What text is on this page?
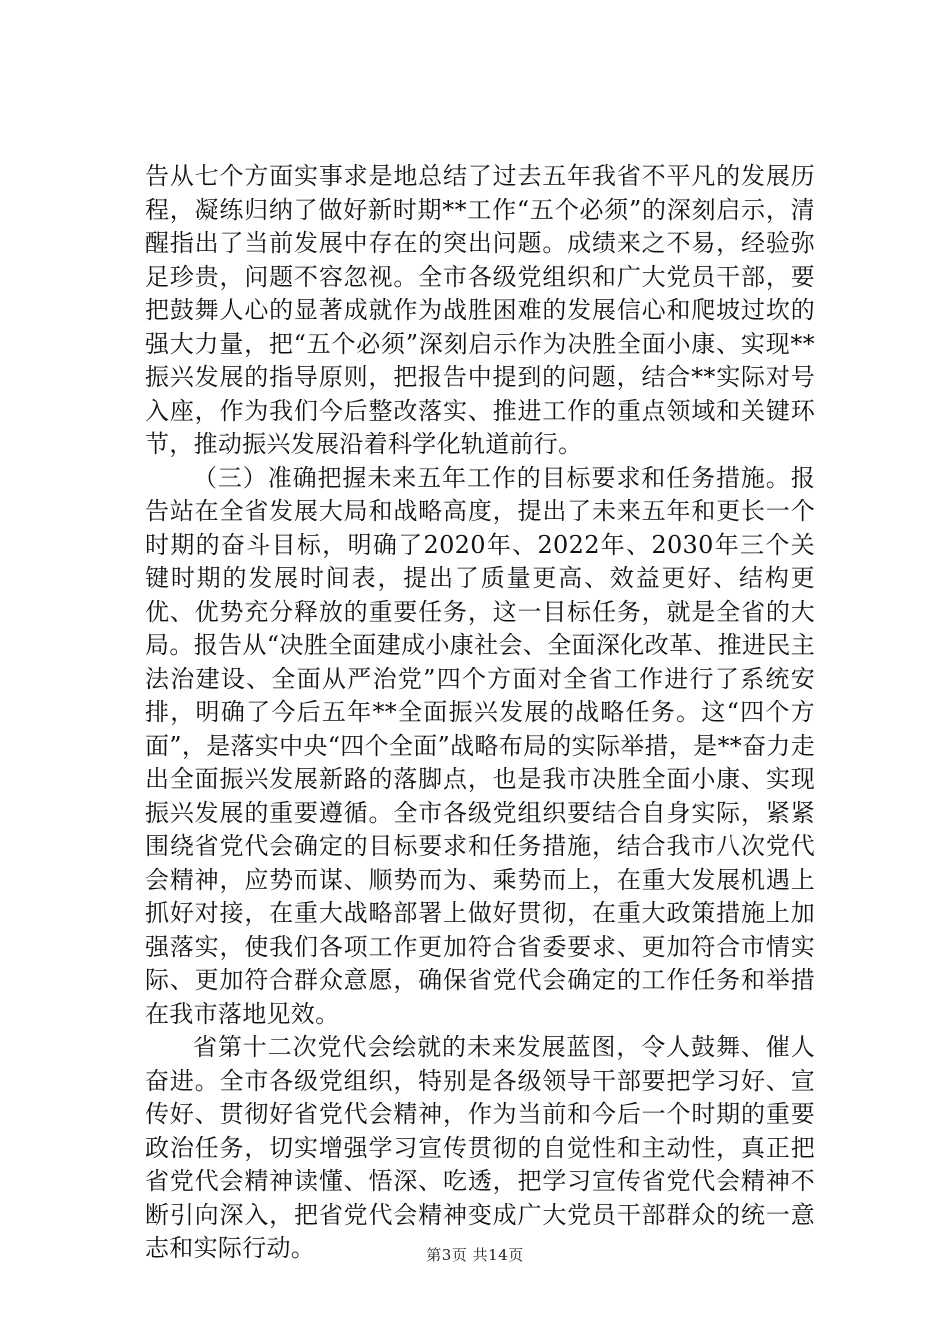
告从七个方面实事求是地总结了过去五年我省不平凡的发展历程，凝练归纳了做好新时期**工作“五个必须”的深刻启示，清醒指出了当前发展中存在的突出问题。成绩来之不易，经验弥足珍贵，问题不容忽视。全市各级党组织和广大党员干部，要把鼓舞人心的显著成就作为战胜困难的发展信心和爬坡过坎的强大力量，把“五个必须”深刻启示作为决胜全面小康、实现**振兴发展的指导原则，把报告中提到的问题，结合**实际对号入座，作为我们今后整改落实、推进工作的重点领域和关键环节，推动振兴发展沿着科学化轨道前行。

（三）准确把握未来五年工作的目标要求和任务措施。报告站在全省发展大局和战略高度，提出了未来五年和更长一个时期的奋斗目标，明确了2020年、2022年、2030年三个关键时期的发展时间表，提出了质量更高、效益更好、结构更优、优势充分释放的重要任务，这一目标任务，就是全省的大局。报告从“决胜全面建成小康社会、全面深化改革、推进民主法治建设、全面从严治党”四个方面对全省工作进行了系统安排，明确了今后五年**全面振兴发展的战略任务。这“四个方面”，是落实中央“四个全面”战略布局的实际举措，是**奋力走出全面振兴发展新路的落脚点，也是我市决胜全面小康、实现振兴发展的重要遵循。全市各级党组织要结合自身实际，紧紧围绕省党代会确定的目标要求和任务措施，结合我市八次党代会精神，应势而谋、顺势而为、乘势而上，在重大发展机遇上抓好对接，在重大战略部署上做好贯彻，在重大政策措施上加强落实，使我们各项工作更加符合省委要求、更加符合市情实际、更加符合群众意愿，确保省党代会确定的工作任务和举措在我市落地见效。

省第十二次党代会绘就的未来发展蓝图，令人鼓舞、催人奋进。全市各级党组织，特别是各级领导干部要把学习好、宣传好、贯彻好省党代会精神，作为当前和今后一个时期的重要政治任务，切实增强学习宣传贯彻的自觉性和主动性，真正把省党代会精神读懂、悟深、吃透，把学习宣传省党代会精神不断引向深入，把省党代会精神变成广大党员干部群众的统一意志和实际行动。	第3页 共14页
